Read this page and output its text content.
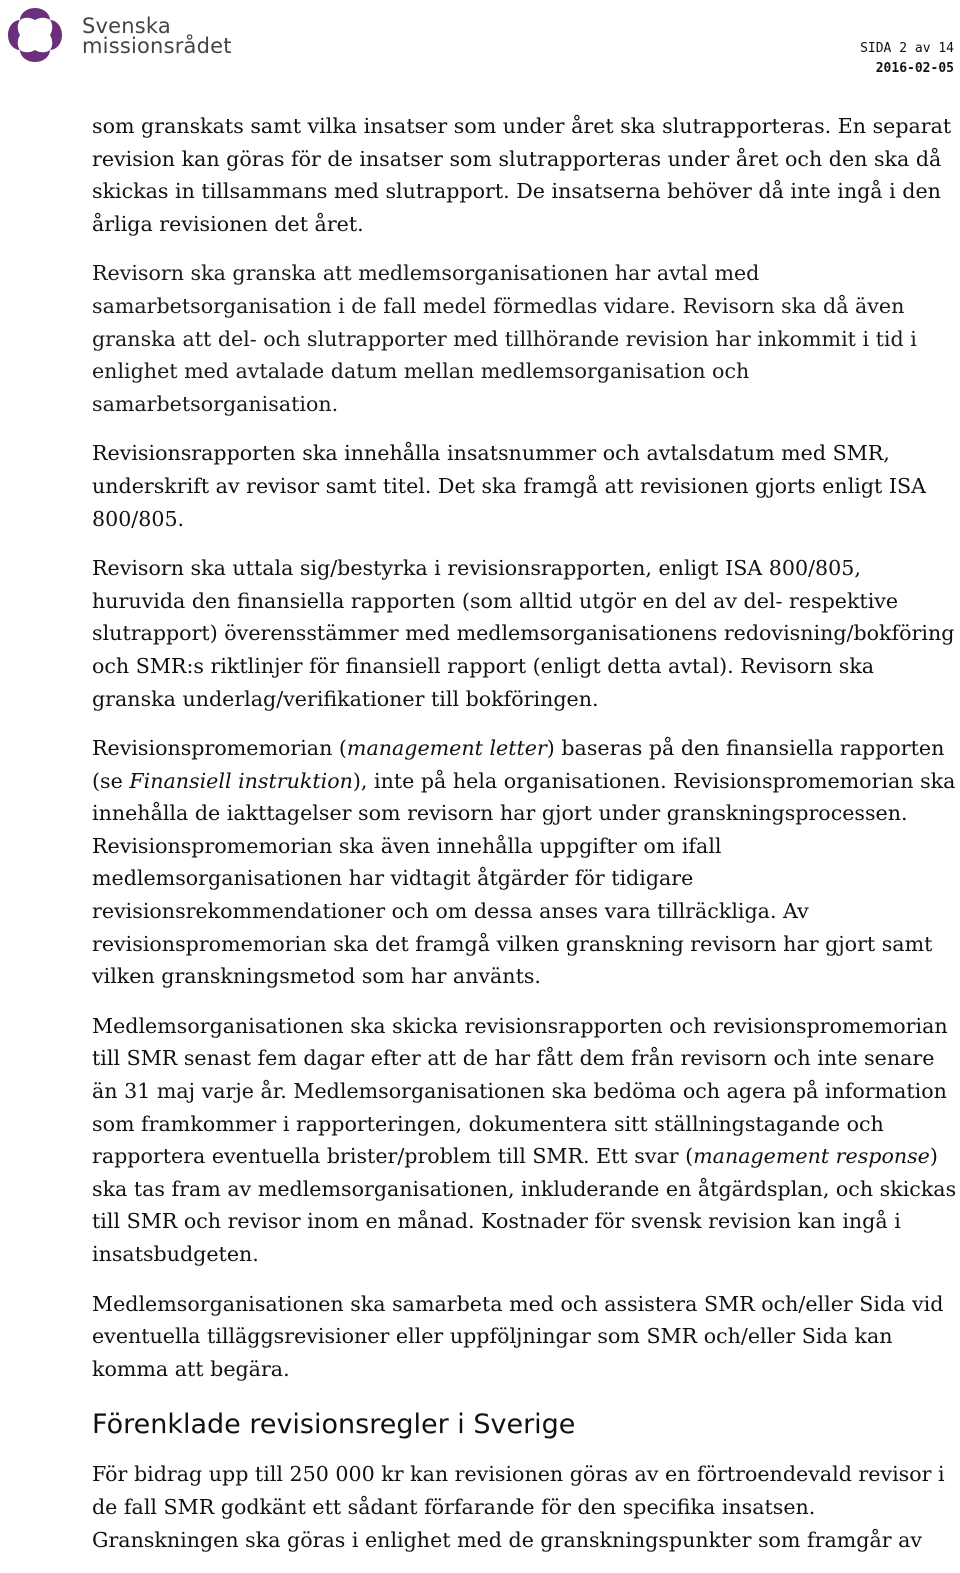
Svenska
missionsrådet	SIDA 2 av 14
2016-02-05

som granskats samt vilka insatser som under året ska slutrapporteras. En separat revision kan göras för de insatser som slutrapporteras under året och den ska då skickas in tillsammans med slutrapport. De insatserna behöver då inte ingå i den årliga revisionen det året.

Revisorn ska granska att medlemsorganisationen har avtal med samarbetsorganisation i de fall medel förmedlas vidare. Revisorn ska då även granska att del- och slutrapporter med tillhörande revision har inkommit i tid i enlighet med avtalade datum mellan medlemsorganisation och samarbetsorganisation.

Revisionsrapporten ska innehålla insatsnummer och avtalsdatum med SMR, underskrift av revisor samt titel. Det ska framgå att revisionen gjorts enligt ISA 800/805.

Revisorn ska uttala sig/bestyrka i revisionsrapporten, enligt ISA 800/805, huruvida den finansiella rapporten (som alltid utgör en del av del- respektive slutrapport) överensstämmer med medlemsorganisationens redovisning/bokföring och SMR:s riktlinjer för finansiell rapport (enligt detta avtal). Revisorn ska granska underlag/verifikationer till bokföringen.

Revisionspromemorian (management letter) baseras på den finansiella rapporten (se Finansiell instruktion), inte på hela organisationen. Revisionspromemorian ska innehålla de iakttagelser som revisorn har gjort under granskningsprocessen. Revisionspromemorian ska även innehålla uppgifter om ifall medlemsorganisationen har vidtagit åtgärder för tidigare revisionsrekommendationer och om dessa anses vara tillräckliga. Av revisionspromemorian ska det framgå vilken granskning revisorn har gjort samt vilken granskningsmetod som har använts.

Medlemsorganisationen ska skicka revisionsrapporten och revisionspromemorian till SMR senast fem dagar efter att de har fått dem från revisorn och inte senare än 31 maj varje år. Medlemsorganisationen ska bedöma och agera på information som framkommer i rapporteringen, dokumentera sitt ställningstagande och rapportera eventuella brister/problem till SMR. Ett svar (management response) ska tas fram av medlemsorganisationen, inkluderande en åtgärdsplan, och skickas till SMR och revisor inom en månad. Kostnader för svensk revision kan ingå i insatsbudgeten.

Medlemsorganisationen ska samarbeta med och assistera SMR och/eller Sida vid eventuella tilläggsrevisioner eller uppföljningar som SMR och/eller Sida kan komma att begära.

Förenklade revisionsregler i Sverige

För bidrag upp till 250 000 kr kan revisionen göras av en förtroendevald revisor i de fall SMR godkänt ett sådant förfarande för den specifika insatsen. Granskningen ska göras i enlighet med de granskningspunkter som framgår av
